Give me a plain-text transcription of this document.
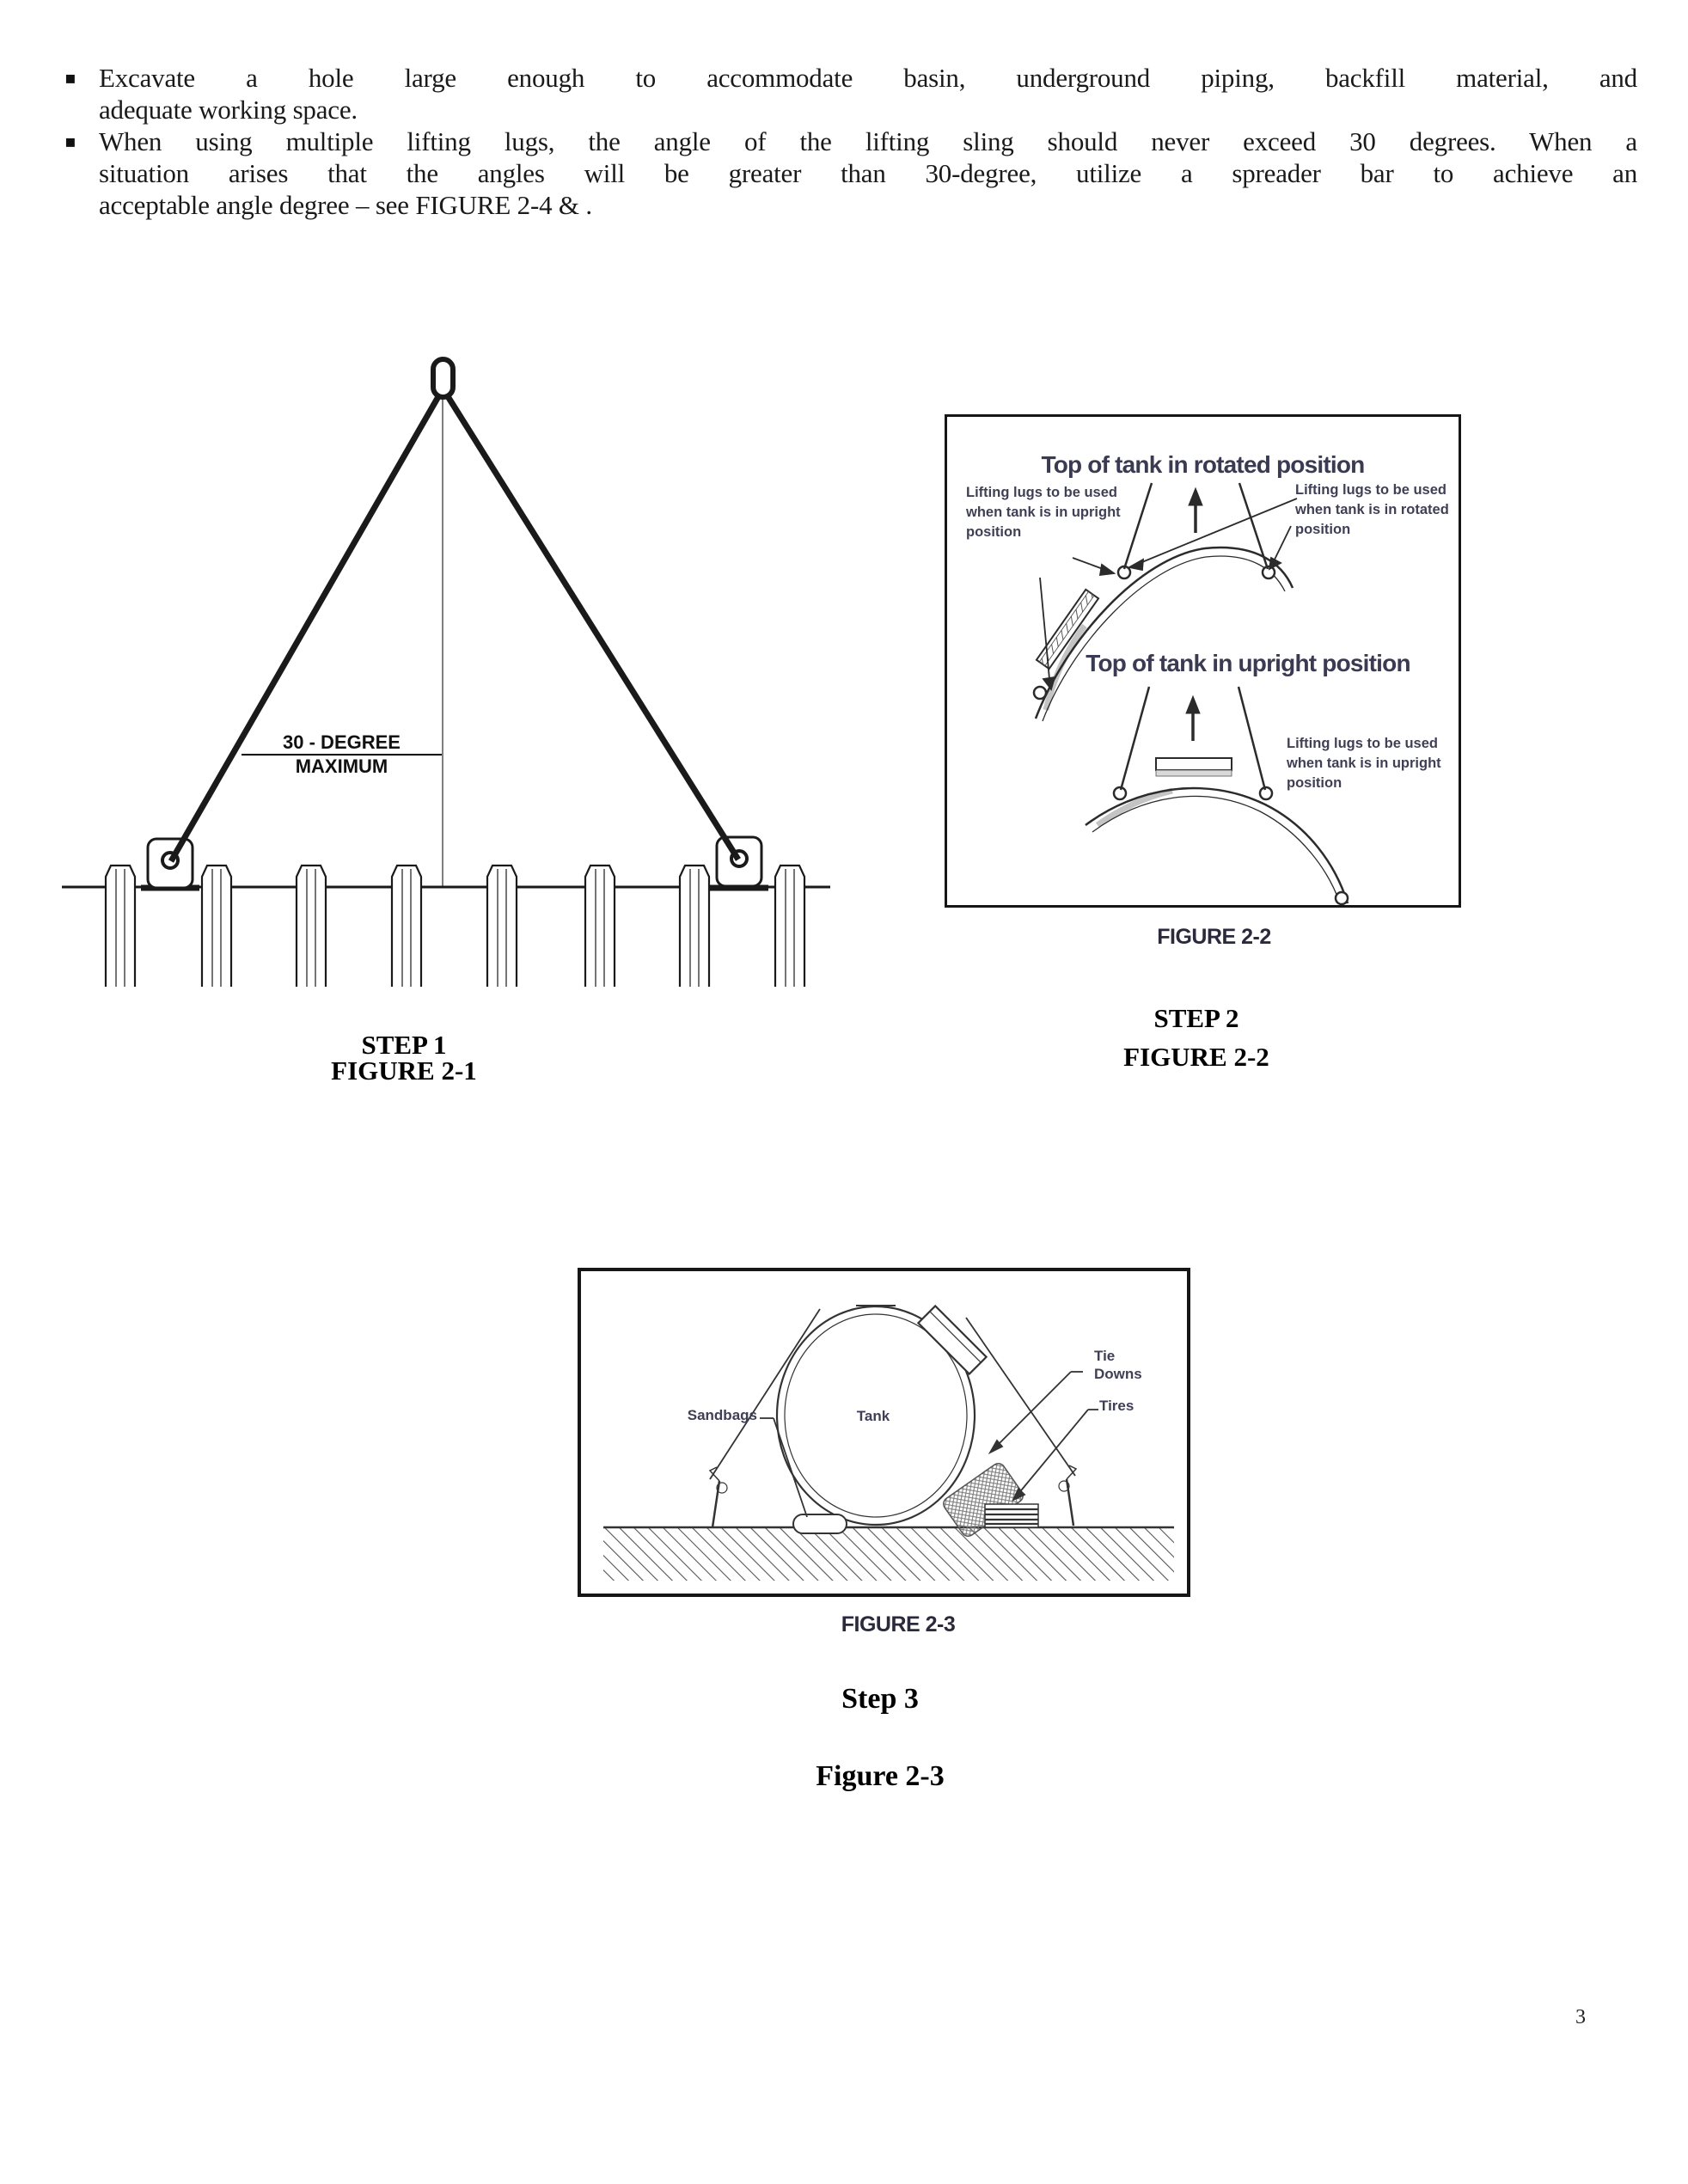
▪ Excavate a hole large enough to accommodate basin, underground piping, backfill material, and
adequate working space.
▪ When using multiple lifting lugs, the angle of the lifting sling should never exceed 30 degrees. When a
situation arises that the angles will be greater than 30-degree, utilize a spreader bar to achieve an
acceptable angle degree – see FIGURE 2-4 & .
30 - DEGREE
MAXIMUM
STEP 1
FIGURE 2-1
Top of tank in rotated position
Lifting lugs to be used when tank is in upright position
Lifting lugs to be used when tank is in rotated position
Top of tank in upright position
Lifting lugs to be used when tank is in upright position
FIGURE 2-2
STEP 2
FIGURE 2-2
Tank
Sandbags
Tie Downs
Tires
FIGURE 2-3
Step 3
Figure 2-3
3
